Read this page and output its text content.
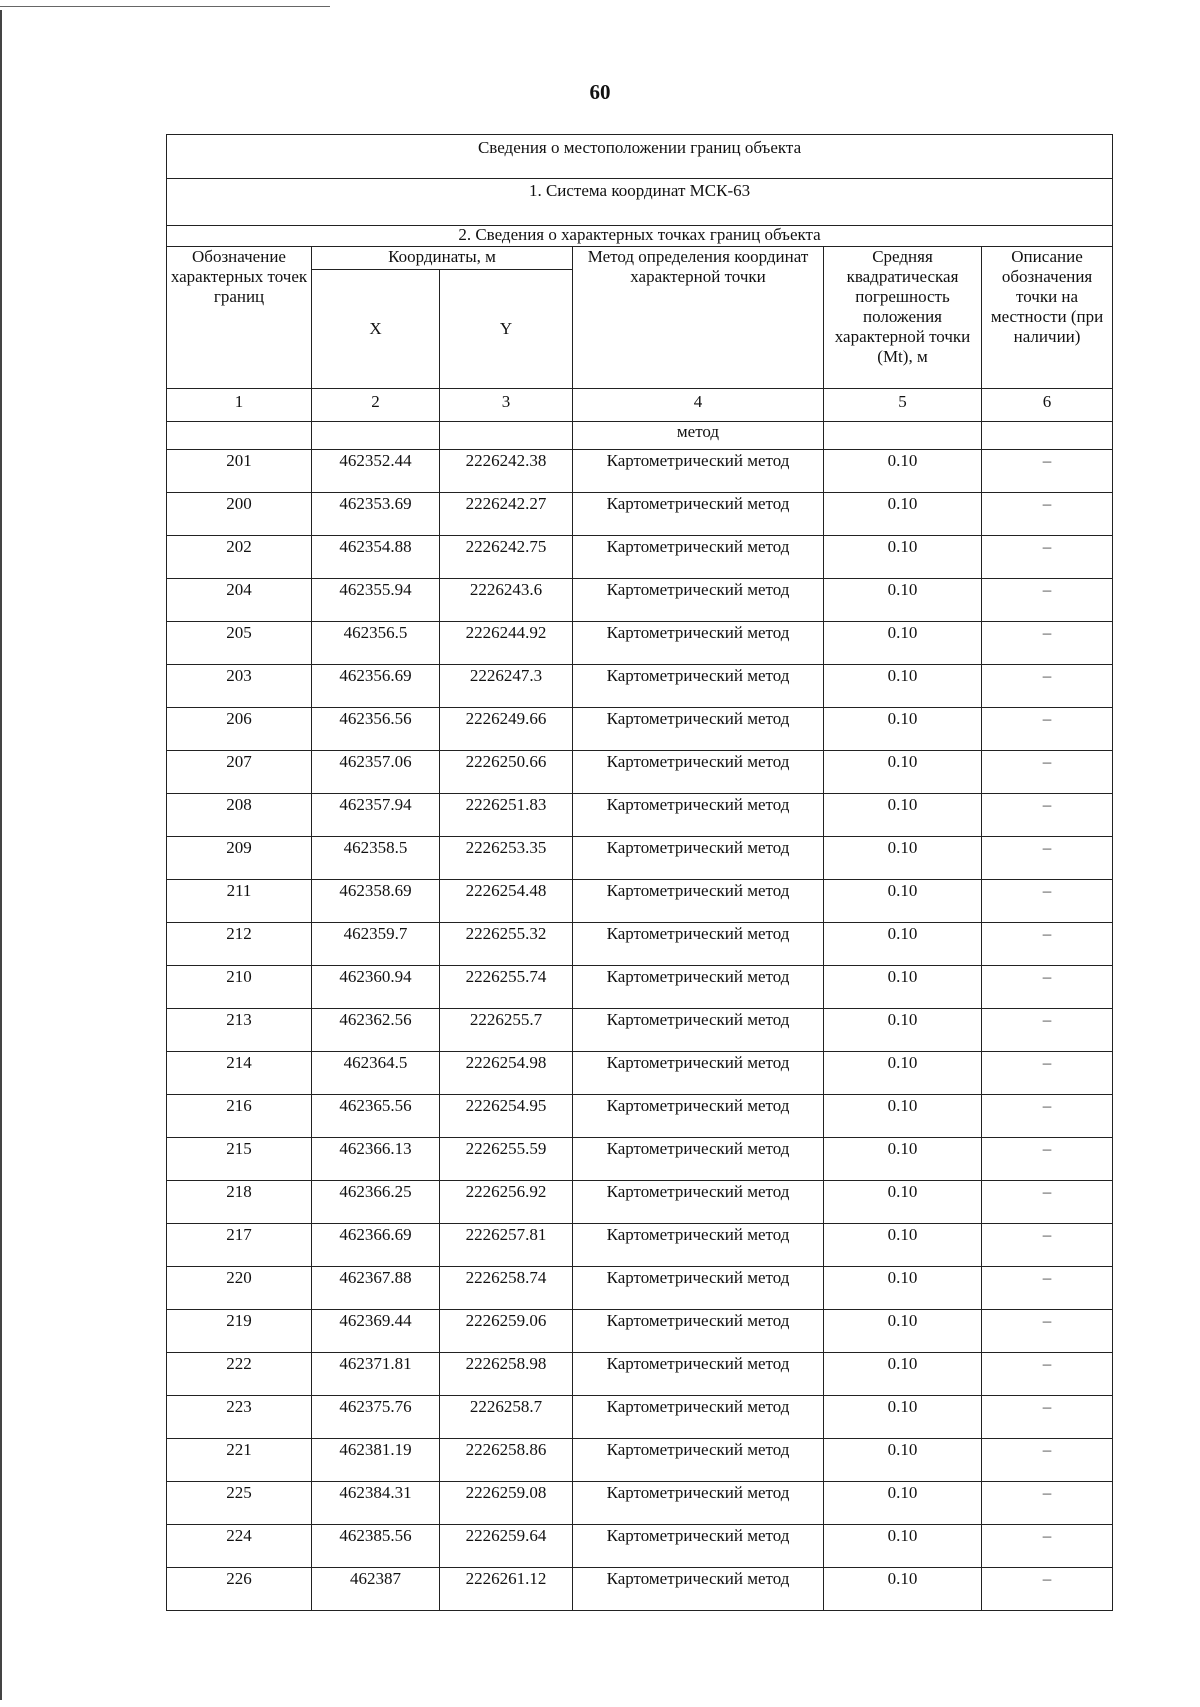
60
Сведения о местоположении границ объекта					
1. Система координат МСК-63					
2. Сведения о характерных точках границ объекта					
Обозначение характерных точек границ	Координаты, м		Метод определения координат характерной точки	Средняя квадратическая погрешность положения характерной точки (Mt), м	Описание обозначения точки на местности (при наличии)
	X	Y			
1	2	3	4	5	6
			метод		
201	462352.44	2226242.38	Картометрический метод	0.10	–
200	462353.69	2226242.27	Картометрический метод	0.10	–
202	462354.88	2226242.75	Картометрический метод	0.10	–
204	462355.94	2226243.6	Картометрический метод	0.10	–
205	462356.5	2226244.92	Картометрический метод	0.10	–
203	462356.69	2226247.3	Картометрический метод	0.10	–
206	462356.56	2226249.66	Картометрический метод	0.10	–
207	462357.06	2226250.66	Картометрический метод	0.10	–
208	462357.94	2226251.83	Картометрический метод	0.10	–
209	462358.5	2226253.35	Картометрический метод	0.10	–
211	462358.69	2226254.48	Картометрический метод	0.10	–
212	462359.7	2226255.32	Картометрический метод	0.10	–
210	462360.94	2226255.74	Картометрический метод	0.10	–
213	462362.56	2226255.7	Картометрический метод	0.10	–
214	462364.5	2226254.98	Картометрический метод	0.10	–
216	462365.56	2226254.95	Картометрический метод	0.10	–
215	462366.13	2226255.59	Картометрический метод	0.10	–
218	462366.25	2226256.92	Картометрический метод	0.10	–
217	462366.69	2226257.81	Картометрический метод	0.10	–
220	462367.88	2226258.74	Картометрический метод	0.10	–
219	462369.44	2226259.06	Картометрический метод	0.10	–
222	462371.81	2226258.98	Картометрический метод	0.10	–
223	462375.76	2226258.7	Картометрический метод	0.10	–
221	462381.19	2226258.86	Картометрический метод	0.10	–
225	462384.31	2226259.08	Картометрический метод	0.10	–
224	462385.56	2226259.64	Картометрический метод	0.10	–
226	462387	2226261.12	Картометрический метод	0.10	–
